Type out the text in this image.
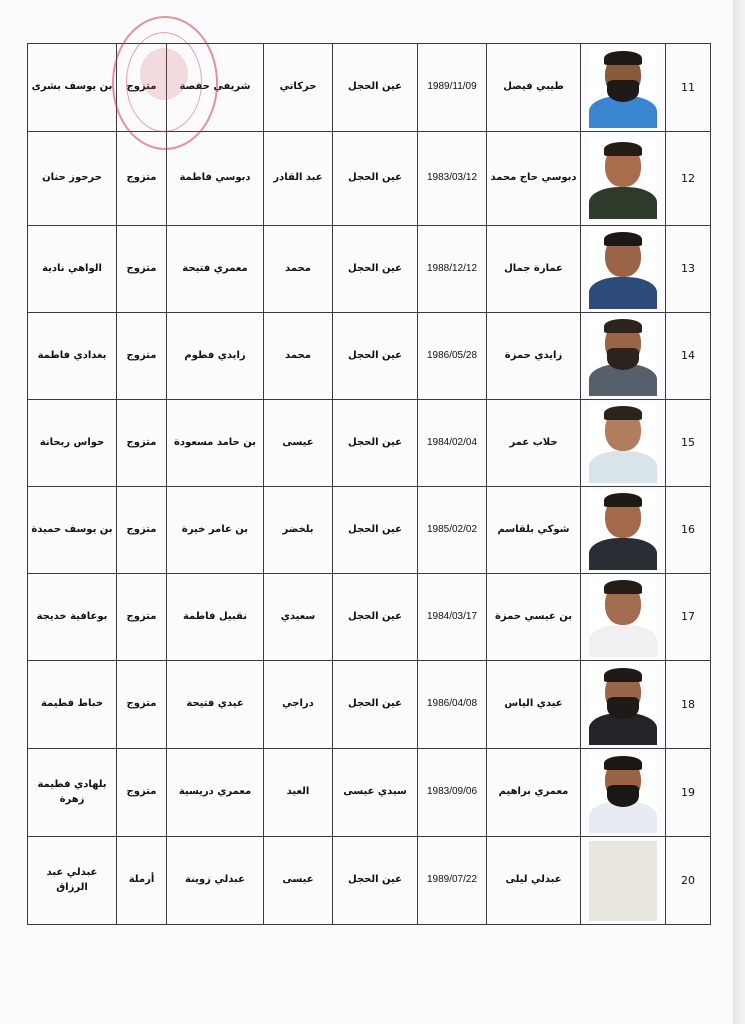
11		طيبي فيصل	1989/11/09	عين الحجل	حركاتي	شريفي حفصة	متزوج	بن يوسف بشرى
12		دبوسي حاج محمد	1983/03/12	عين الحجل	عبد القادر	دبوسي فاطمة	متزوج	حرحوز حنان
13		عمارة جمال	1988/12/12	عين الحجل	محمد	معمري فتيحة	متزوج	الواهي نادية
14		زايدي حمزة	1986/05/28	عين الحجل	محمد	زايدي فطوم	متزوج	بغدادي فاطمة
15		حلاب عمر	1984/02/04	عين الحجل	عيسى	بن حامد مسعودة	متزوج	حواس ريحانة
16		شوكي بلقاسم	1985/02/02	عين الحجل	بلخضر	بن عامر خيرة	متزوج	بن يوسف حميدة
17		بن عيسي حمزة	1984/03/17	عين الحجل	سعيدي	نقبيل فاطمة	متزوج	بوعافية خديجة
18		عيدي الياس	1986/04/08	عين الحجل	دراجي	عيدي فتيحة	متزوج	خباط فطيمة
19		معمري براهيم	1983/09/06	سيدي عيسى	العيد	معمري دريسية	متزوج	بلهادي فطيمة زهرة
20		عبدلي ليلى	1989/07/22	عين الحجل	عيسى	عبدلي زوينة	أرملة	عبدلي عبد الرزاق
